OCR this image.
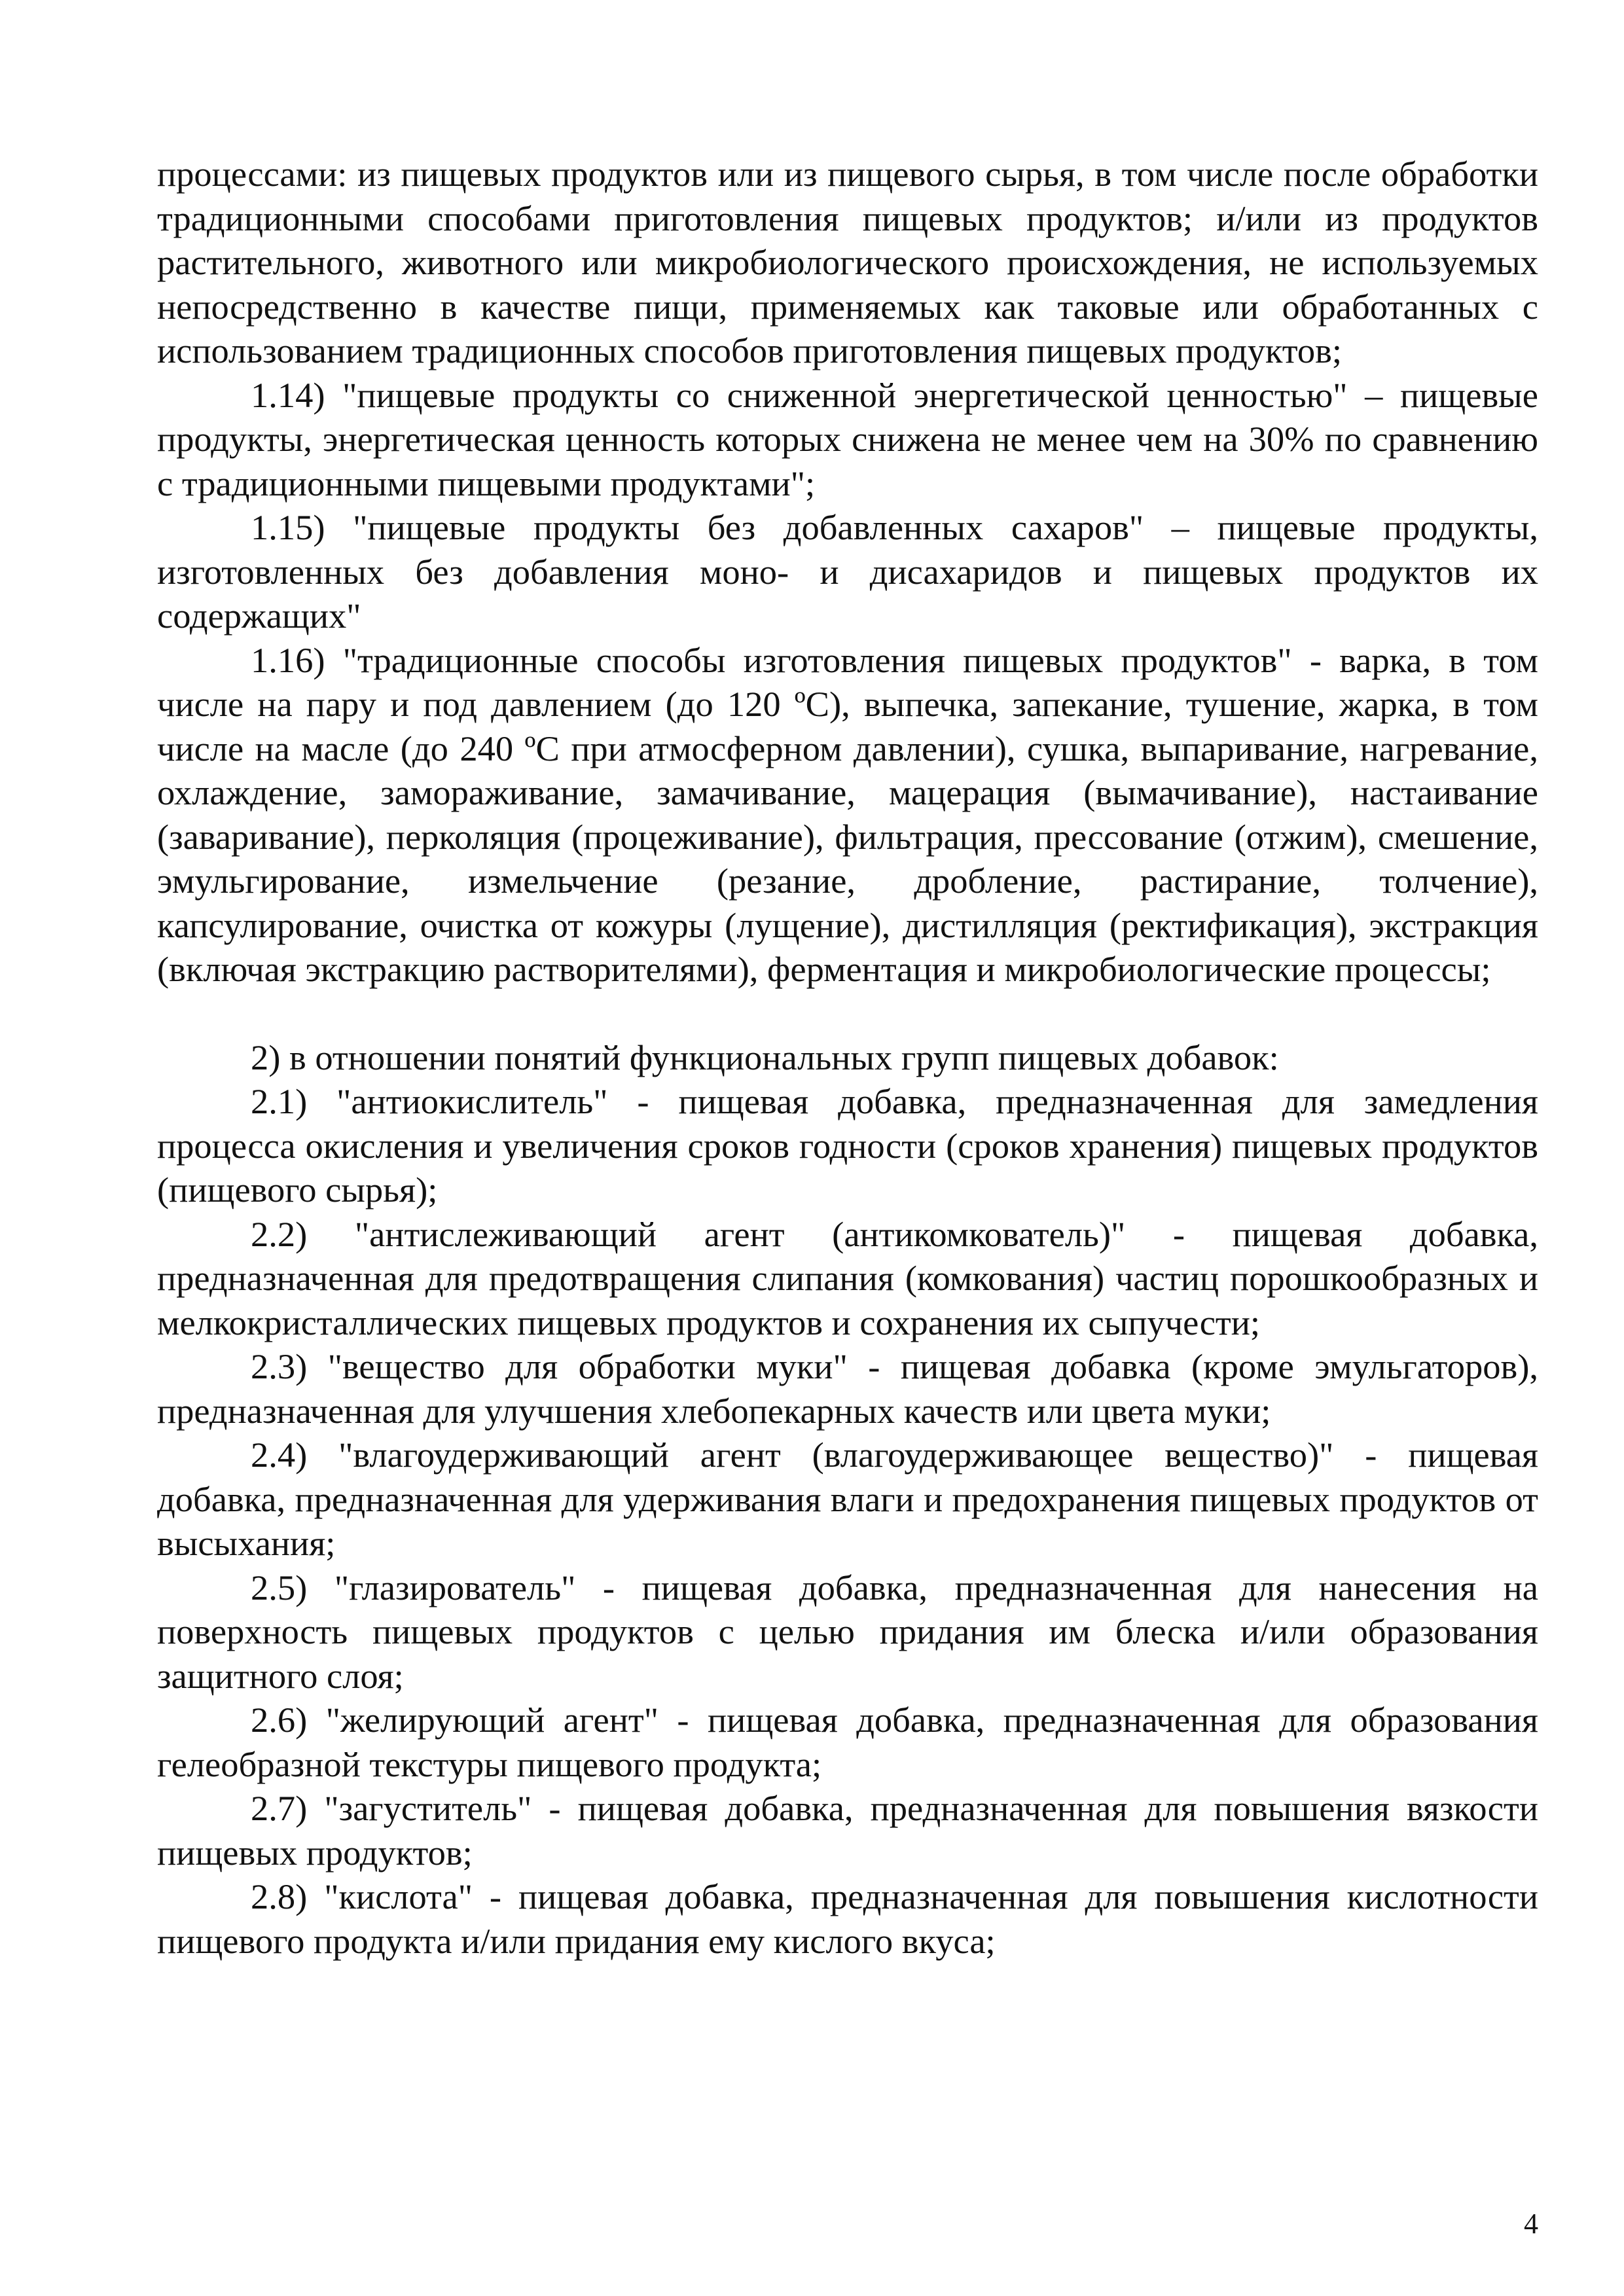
процессами: из пищевых продуктов или из пищевого сырья, в том числе после обработки традиционными способами приготовления пищевых продуктов; и/или из продуктов растительного, животного или микробиологического происхождения, не используемых непосредственно в качестве пищи, применяемых как таковые или обработанных с использованием традиционных способов приготовления пищевых продуктов;

1.14) "пищевые продукты со сниженной энергетической ценностью" – пищевые продукты, энергетическая ценность которых снижена не менее чем на 30% по сравнению с традиционными пищевыми продуктами";

1.15) "пищевые продукты без добавленных сахаров" – пищевые продукты, изготовленных без добавления моно- и дисахаридов и пищевых продуктов их содержащих"

1.16) "традиционные способы изготовления пищевых продуктов" - варка, в том числе на пару и под давлением (до 120 ºС), выпечка, запекание, тушение, жарка, в том числе на масле (до 240 ºС при атмосферном давлении), сушка, выпаривание, нагревание, охлаждение, замораживание, замачивание, мацерация (вымачивание), настаивание (заваривание), перколяция (процеживание), фильтрация, прессование (отжим), смешение, эмульгирование, измельчение (резание, дробление, растирание, толчение), капсулирование, очистка от кожуры (лущение), дистилляция (ректификация), экстракция (включая экстракцию растворителями), ферментация и микробиологические процессы;

2) в отношении понятий функциональных групп пищевых добавок:

2.1) "антиокислитель" - пищевая добавка, предназначенная для замедления процесса окисления и увеличения сроков годности (сроков хранения) пищевых продуктов (пищевого сырья);

2.2) "антислеживающий агент (антикомкователь)" - пищевая добавка, предназначенная для предотвращения слипания (комкования) частиц порошкообразных и мелкокристаллических пищевых продуктов и сохранения их сыпучести;

2.3) "вещество для обработки муки" - пищевая добавка (кроме эмульгаторов), предназначенная для улучшения хлебопекарных качеств или цвета муки;

2.4) "влагоудерживающий агент (влагоудерживающее вещество)" - пищевая добавка, предназначенная для удерживания влаги и предохранения пищевых продуктов от высыхания;

2.5) "глазирователь" - пищевая добавка, предназначенная для нанесения на поверхность пищевых продуктов с целью придания им блеска и/или образования защитного слоя;

2.6) "желирующий агент" - пищевая добавка, предназначенная для образования гелеобразной текстуры пищевого продукта;

2.7) "загуститель" - пищевая добавка, предназначенная для повышения вязкости пищевых продуктов;

2.8) "кислота" - пищевая добавка, предназначенная для повышения кислотности пищевого продукта и/или придания ему кислого вкуса;

4
